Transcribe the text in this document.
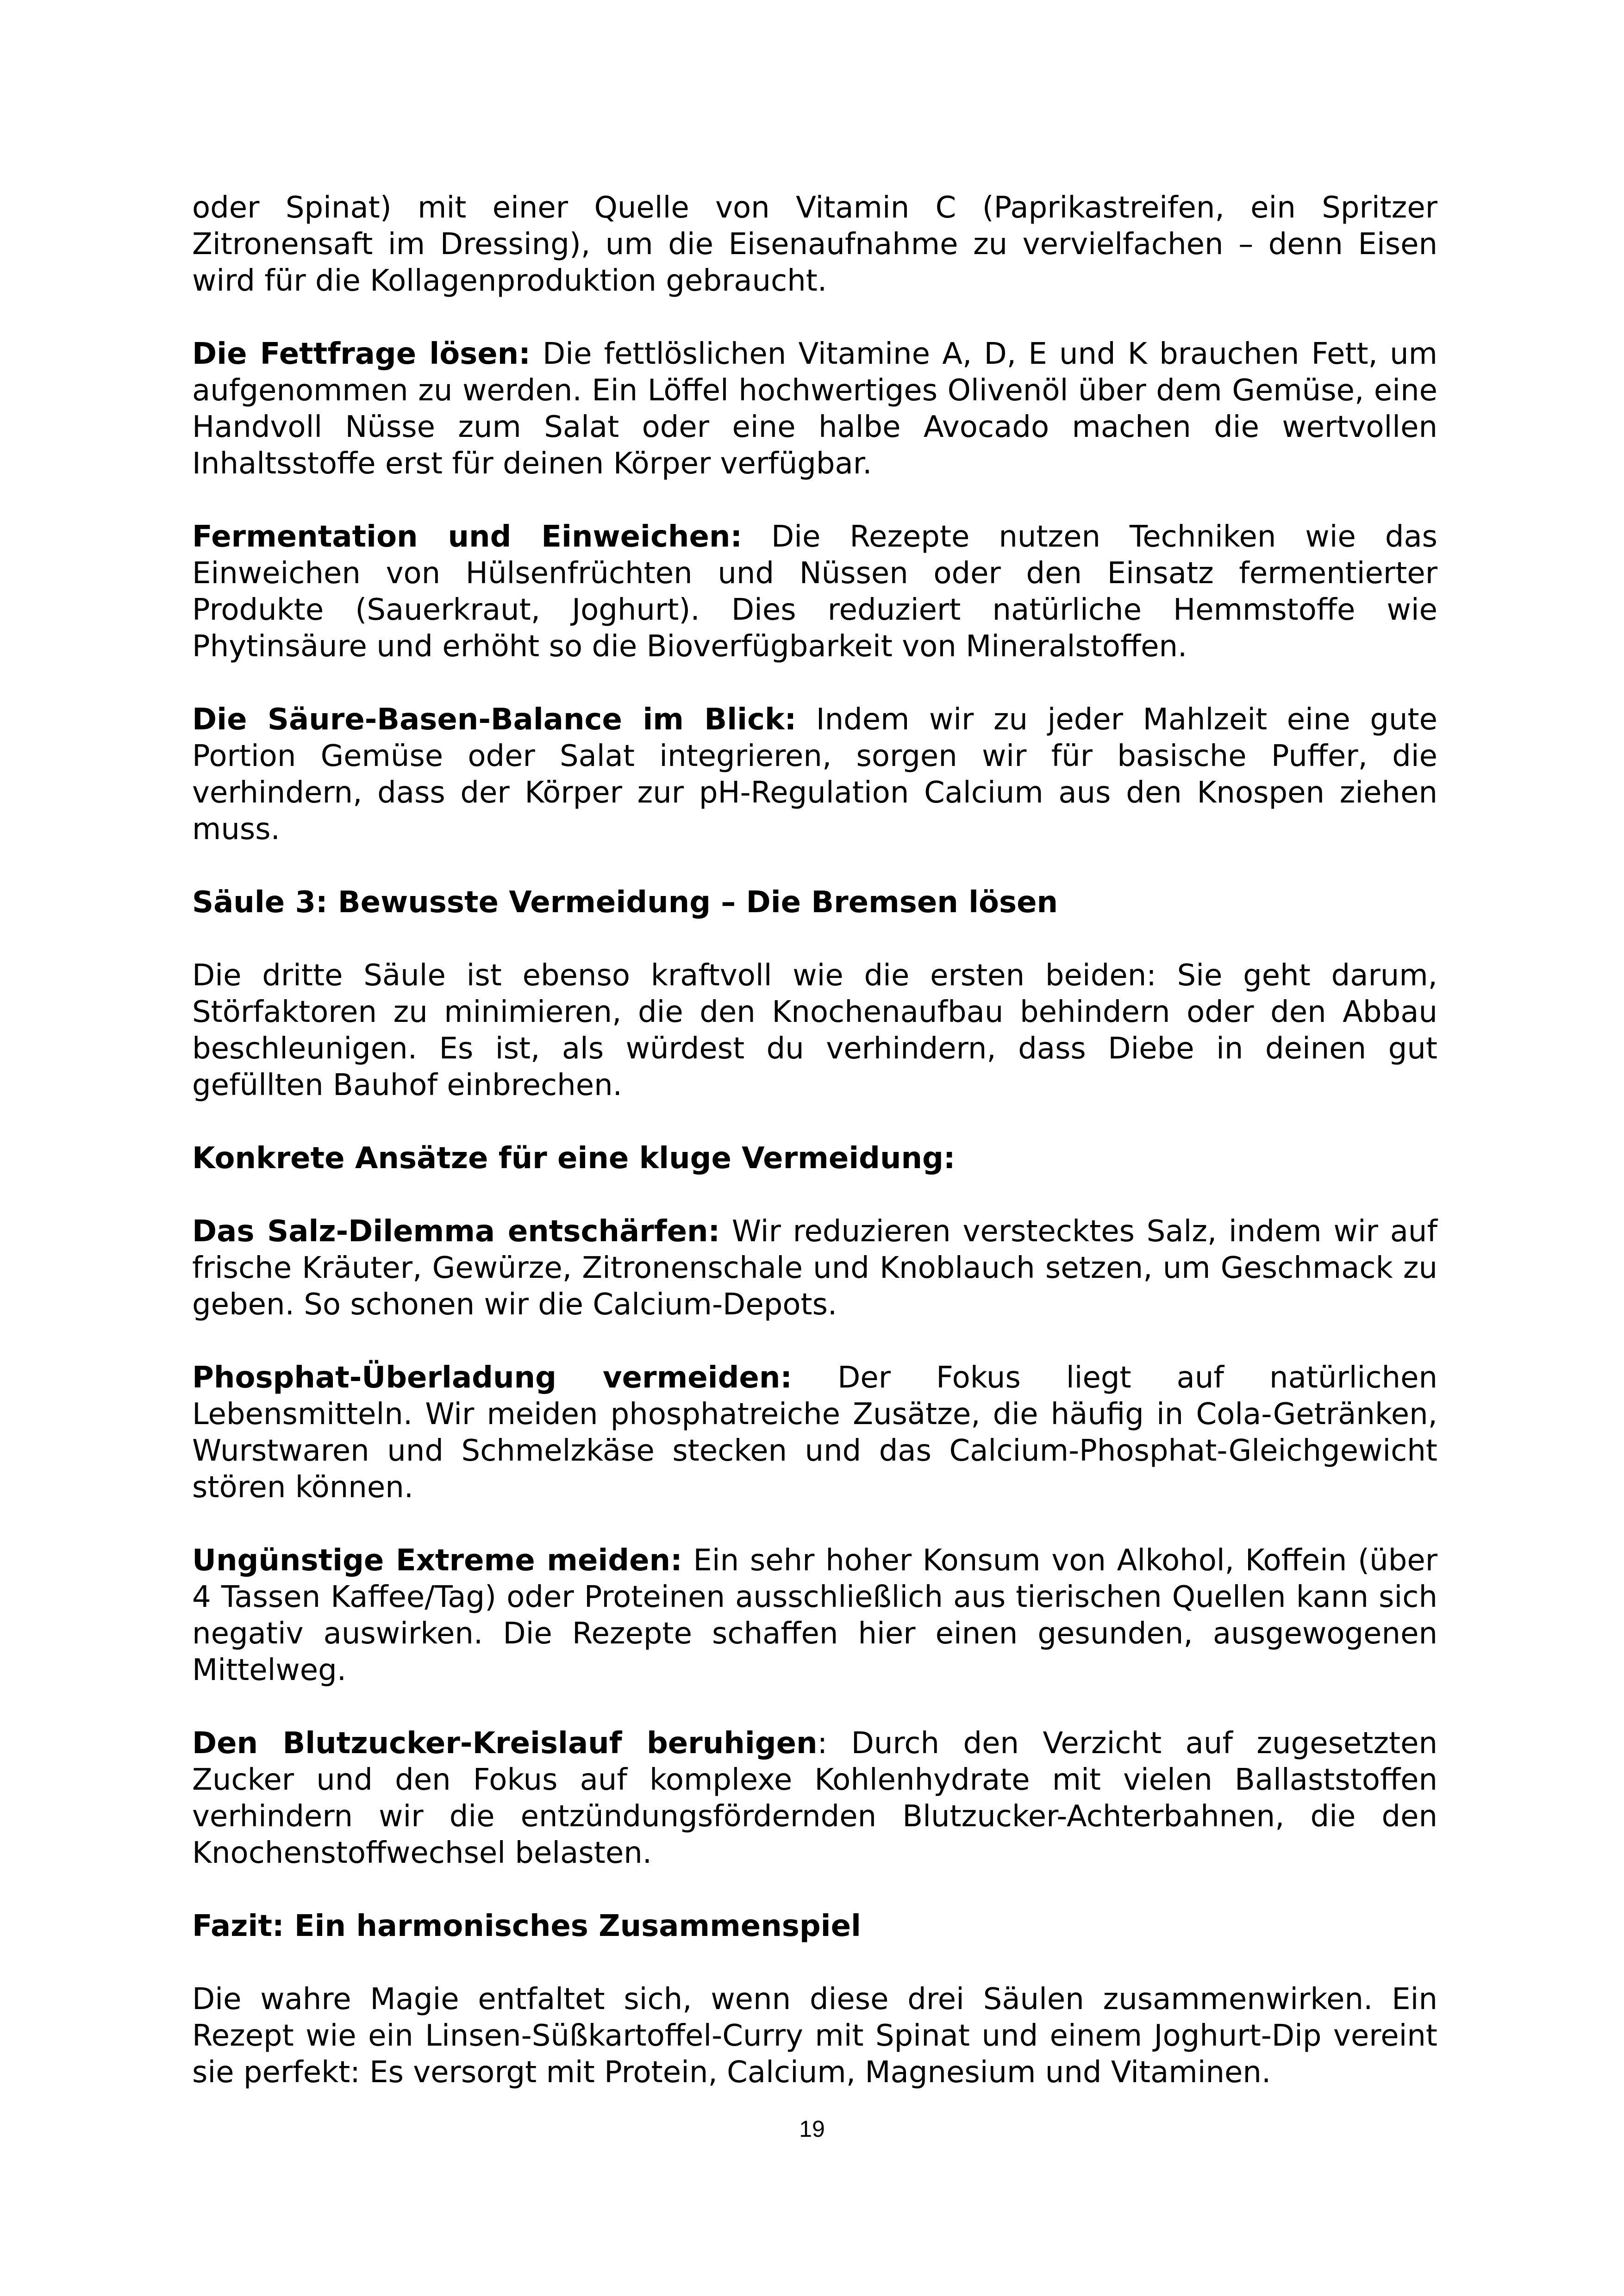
oder Spinat) mit einer Quelle von Vitamin C (Paprikastreifen, ein Spritzer Zitronensaft im Dressing), um die Eisenaufnahme zu vervielfachen – denn Eisen wird für die Kollagenproduktion gebraucht.

Die Fettfrage lösen: Die fettlöslichen Vitamine A, D, E und K brauchen Fett, um aufgenommen zu werden. Ein Löffel hochwertiges Olivenöl über dem Gemüse, eine Handvoll Nüsse zum Salat oder eine halbe Avocado machen die wertvollen Inhaltsstoffe erst für deinen Körper verfügbar.

Fermentation und Einweichen: Die Rezepte nutzen Techniken wie das Einweichen von Hülsenfrüchten und Nüssen oder den Einsatz fermentierter Produkte (Sauerkraut, Joghurt). Dies reduziert natürliche Hemmstoffe wie Phytinsäure und erhöht so die Bioverfügbarkeit von Mineralstoffen.

Die Säure-Basen-Balance im Blick: Indem wir zu jeder Mahlzeit eine gute Portion Gemüse oder Salat integrieren, sorgen wir für basische Puffer, die verhindern, dass der Körper zur pH-Regulation Calcium aus den Knospen ziehen muss.

Säule 3: Bewusste Vermeidung – Die Bremsen lösen

Die dritte Säule ist ebenso kraftvoll wie die ersten beiden: Sie geht darum, Störfaktoren zu minimieren, die den Knochenaufbau behindern oder den Abbau beschleunigen. Es ist, als würdest du verhindern, dass Diebe in deinen gut gefüllten Bauhof einbrechen.

Konkrete Ansätze für eine kluge Vermeidung:

Das Salz-Dilemma entschärfen: Wir reduzieren verstecktes Salz, indem wir auf frische Kräuter, Gewürze, Zitronenschale und Knoblauch setzen, um Geschmack zu geben. So schonen wir die Calcium-Depots.

Phosphat-Überladung vermeiden: Der Fokus liegt auf natürlichen Lebensmitteln. Wir meiden phosphatreiche Zusätze, die häufig in Cola-Getränken, Wurstwaren und Schmelzkäse stecken und das Calcium-Phosphat-Gleichgewicht stören können.

Ungünstige Extreme meiden: Ein sehr hoher Konsum von Alkohol, Koffein (über 4 Tassen Kaffee/Tag) oder Proteinen ausschließlich aus tierischen Quellen kann sich negativ auswirken. Die Rezepte schaffen hier einen gesunden, ausgewogenen Mittelweg.

Den Blutzucker-Kreislauf beruhigen: Durch den Verzicht auf zugesetzten Zucker und den Fokus auf komplexe Kohlenhydrate mit vielen Ballaststoffen verhindern wir die entzündungsfördernden Blutzucker-Achterbahnen, die den Knochenstoffwechsel belasten.

Fazit: Ein harmonisches Zusammenspiel

Die wahre Magie entfaltet sich, wenn diese drei Säulen zusammenwirken. Ein Rezept wie ein Linsen-Süßkartoffel-Curry mit Spinat und einem Joghurt-Dip vereint sie perfekt: Es versorgt mit Protein, Calcium, Magnesium und Vitaminen.

19
